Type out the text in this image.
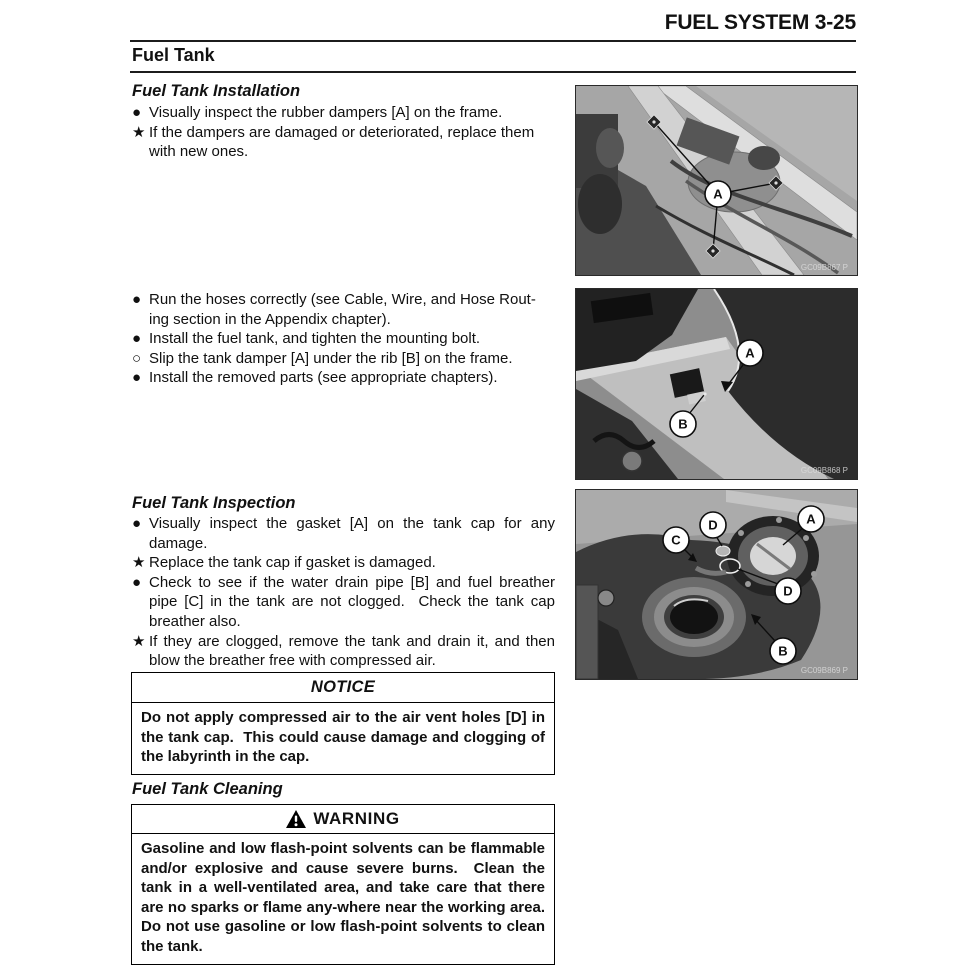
FUEL SYSTEM 3-25
Fuel Tank
Fuel Tank Installation
● Visually inspect the rubber dampers [A] on the frame.
★ If the dampers are damaged or deteriorated, replace them with new ones.
● Run the hoses correctly (see Cable, Wire, and Hose Rout-ing section in the Appendix chapter).
● Install the fuel tank, and tighten the mounting bolt.
○ Slip the tank damper [A] under the rib [B] on the frame.
● Install the removed parts (see appropriate chapters).
Fuel Tank Inspection
● Visually inspect the gasket [A] on the tank cap for any damage.
★ Replace the tank cap if gasket is damaged.
● Check to see if the water drain pipe [B] and fuel breather pipe [C] in the tank are not clogged.  Check the tank cap breather also.
★ If they are clogged, remove the tank and drain it, and then blow the breather free with compressed air.
NOTICE
Do not apply compressed air to the air vent holes [D] in the tank cap.  This could cause damage and clogging of the labyrinth in the cap.
Fuel Tank Cleaning
WARNING
Gasoline and low flash-point solvents can be flammable and/or explosive and cause severe burns.  Clean the tank in a well-ventilated area, and take care that there are no sparks or flame any-where near the working area.  Do not use gasoline or low flash-point solvents to clean the tank.
A
GC09B867 P
A
B
GC09B868 P
A
D
C
D
B
GC09B869 P
